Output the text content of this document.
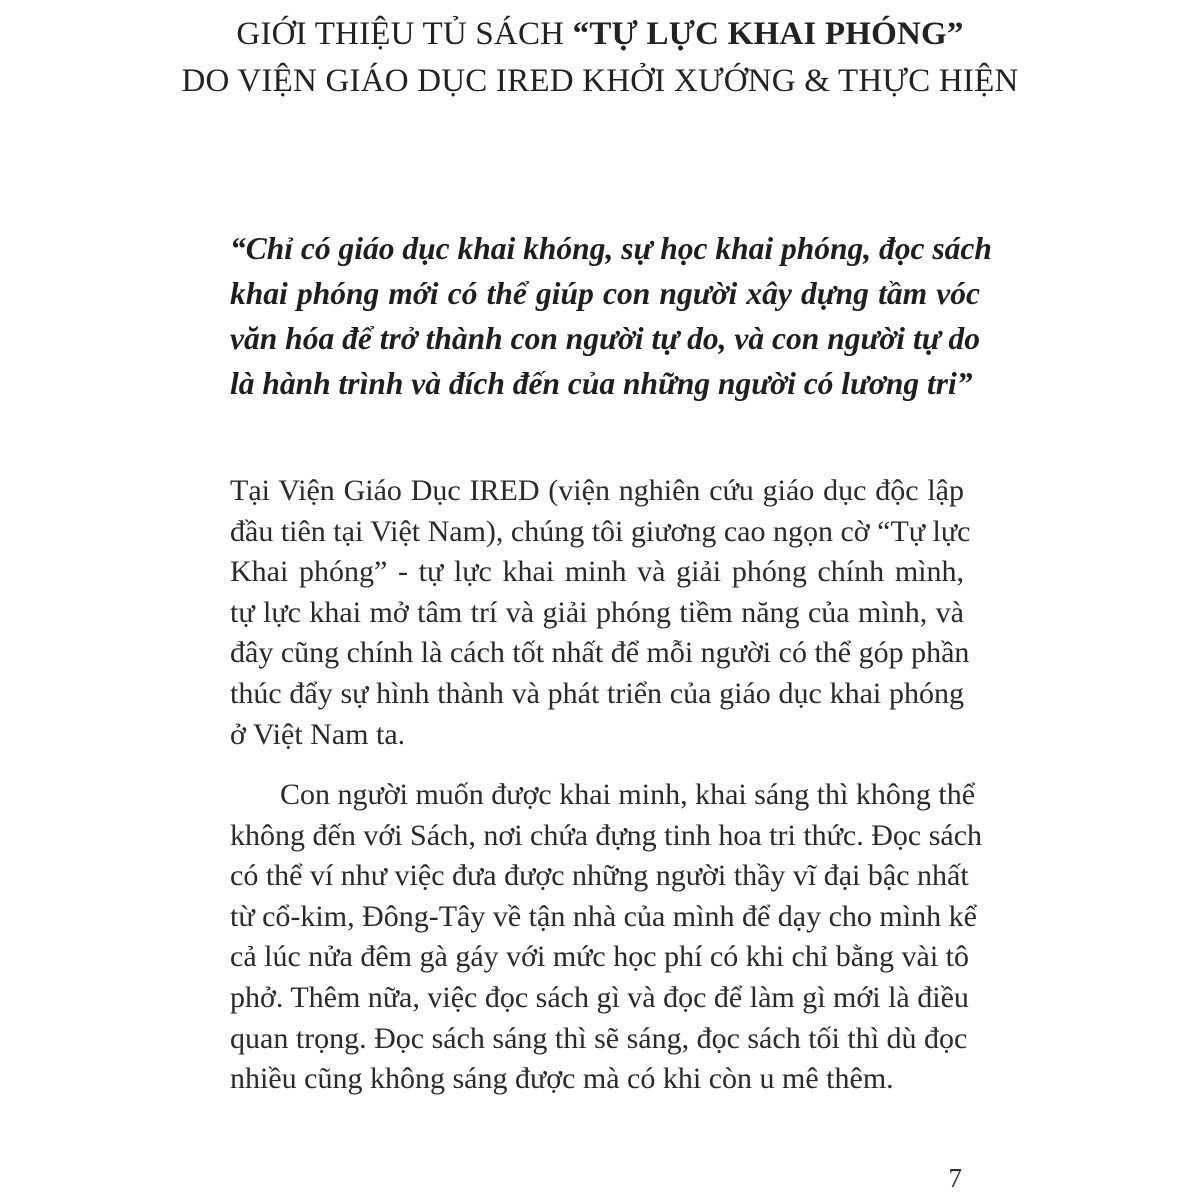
GIỚI THIỆU TỦ SÁCH “TỰ LỰC KHAI PHÓNG”
DO VIỆN GIÁO DỤC IRED KHỞI XƯỚNG & THỰC HIỆN
“Chỉ có giáo dục khai khóng, sự học khai phóng, đọc sách
khai phóng mới có thể giúp con người xây dựng tầm vóc
văn hóa để trở thành con người tự do, và con người tự do
là hành trình và đích đến của những người có lương tri”
Tại Viện Giáo Dục IRED (viện nghiên cứu giáo dục độc lập
đầu tiên tại Việt Nam), chúng tôi giương cao ngọn cờ “Tự lực
Khai phóng” - tự lực khai minh và giải phóng chính mình,
tự lực khai mở tâm trí và giải phóng tiềm năng của mình, và
đây cũng chính là cách tốt nhất để mỗi người có thể góp phần
thúc đẩy sự hình thành và phát triển của giáo dục khai phóng
ở Việt Nam ta.
Con người muốn được khai minh, khai sáng thì không thể
không đến với Sách, nơi chứa đựng tinh hoa tri thức. Đọc sách
có thể ví như việc đưa được những người thầy vĩ đại bậc nhất
từ cổ-kim, Đông-Tây về tận nhà của mình để dạy cho mình kể
cả lúc nửa đêm gà gáy với mức học phí có khi chỉ bằng vài tô
phở. Thêm nữa, việc đọc sách gì và đọc để làm gì mới là điều
quan trọng. Đọc sách sáng thì sẽ sáng, đọc sách tối thì dù đọc
nhiều cũng không sáng được mà có khi còn u mê thêm.
7
